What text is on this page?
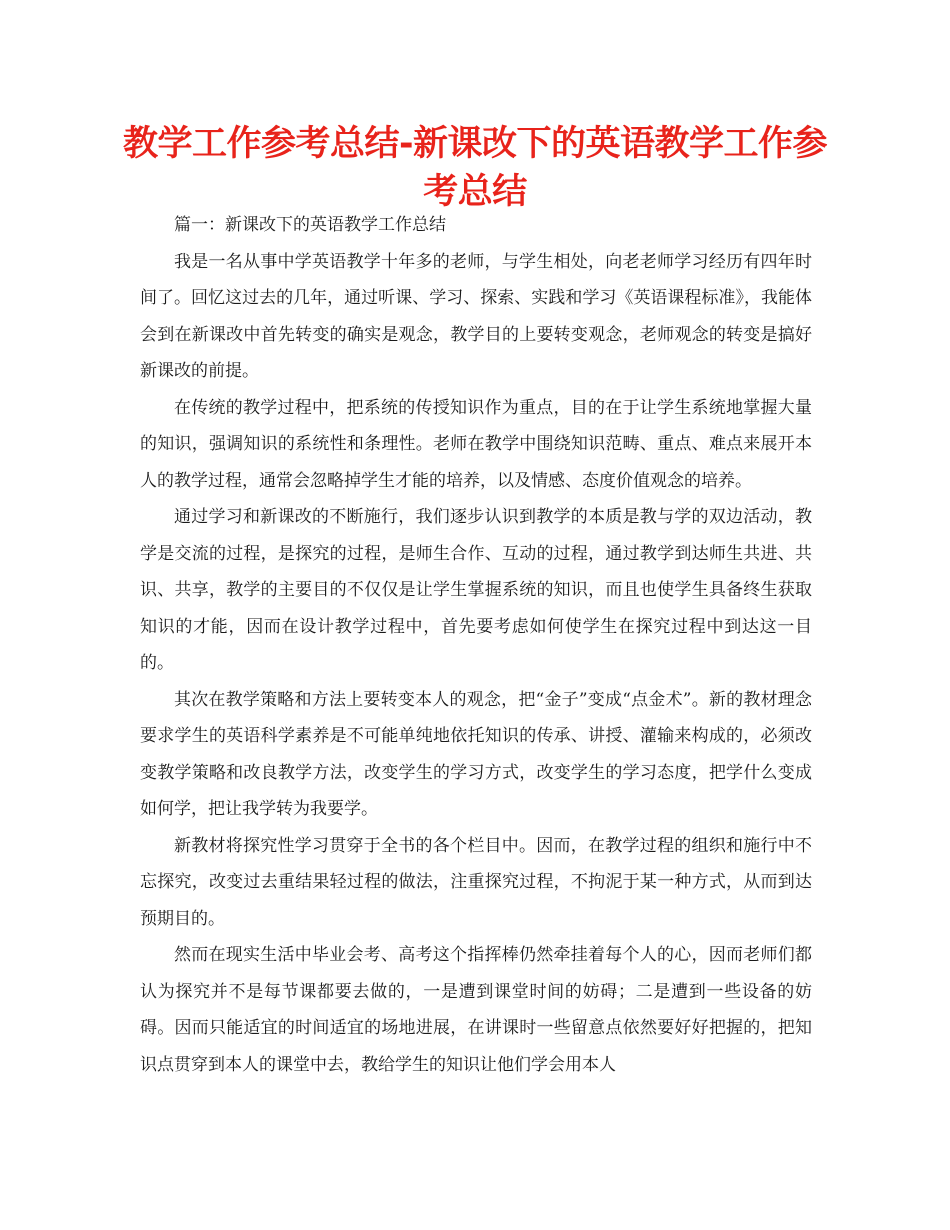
教学工作参考总结-新课改下的英语教学工作参考总结

篇一：新课改下的英语教学工作总结

我是一名从事中学英语教学十年多的老师，与学生相处，向老老师学习经历有四年时间了。回忆这过去的几年，通过听课、学习、探索、实践和学习《英语课程标准》，我能体会到在新课改中首先转变的确实是观念，教学目的上要转变观念，老师观念的转变是搞好新课改的前提。

在传统的教学过程中，把系统的传授知识作为重点，目的在于让学生系统地掌握大量的知识，强调知识的系统性和条理性。老师在教学中围绕知识范畴、重点、难点来展开本人的教学过程，通常会忽略掉学生才能的培养，以及情感、态度价值观念的培养。

通过学习和新课改的不断施行，我们逐步认识到教学的本质是教与学的双边活动，教学是交流的过程，是探究的过程，是师生合作、互动的过程，通过教学到达师生共进、共识、共享，教学的主要目的不仅仅是让学生掌握系统的知识，而且也使学生具备终生获取知识的才能，因而在设计教学过程中，首先要考虑如何使学生在探究过程中到达这一目的。

其次在教学策略和方法上要转变本人的观念，把“金子”变成“点金术”。新的教材理念要求学生的英语科学素养是不可能单纯地依托知识的传承、讲授、灌输来构成的，必须改变教学策略和改良教学方法，改变学生的学习方式，改变学生的学习态度，把学什么变成如何学，把让我学转为我要学。

新教材将探究性学习贯穿于全书的各个栏目中。因而，在教学过程的组织和施行中不忘探究，改变过去重结果轻过程的做法，注重探究过程，不拘泥于某一种方式，从而到达预期目的。

然而在现实生活中毕业会考、高考这个指挥棒仍然牵挂着每个人的心，因而老师们都认为探究并不是每节课都要去做的，一是遭到课堂时间的妨碍；二是遭到一些设备的妨碍。因而只能适宜的时间适宜的场地进展，在讲课时一些留意点依然要好好把握的，把知识点贯穿到本人的课堂中去，教给学生的知识让他们学会用本人
